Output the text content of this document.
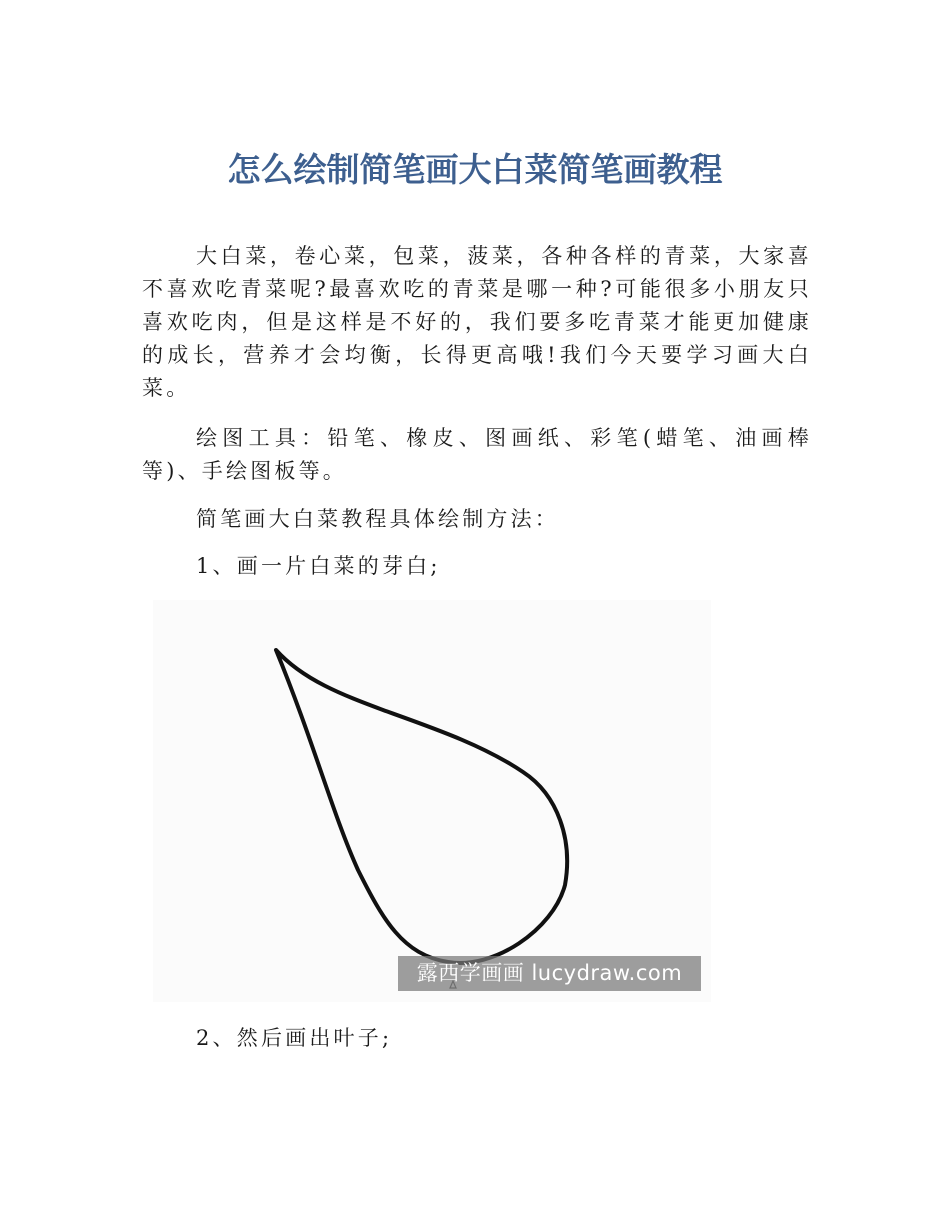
怎么绘制简笔画大白菜简笔画教程

大白菜，卷心菜，包菜，菠菜，各种各样的青菜，大家喜不喜欢吃青菜呢?最喜欢吃的青菜是哪一种?可能很多小朋友只喜欢吃肉，但是这样是不好的，我们要多吃青菜才能更加健康的成长，营养才会均衡，长得更高哦!我们今天要学习画大白菜。

绘图工具：铅笔、橡皮、图画纸、彩笔(蜡笔、油画棒等)、手绘图板等。

简笔画大白菜教程具体绘制方法：

1、画一片白菜的芽白;

露西学画画 lucydraw.com

2、然后画出叶子;
